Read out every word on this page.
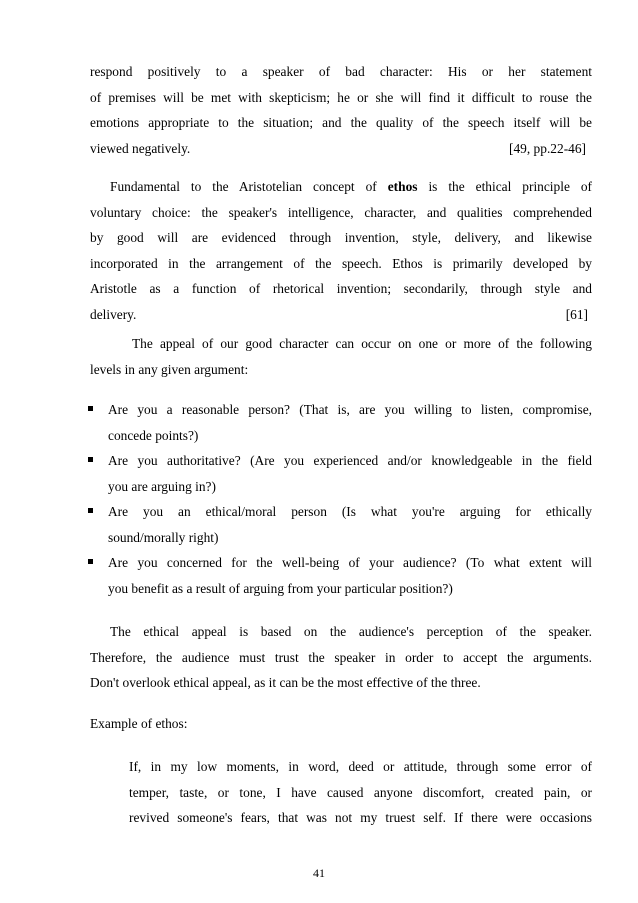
respond positively to a speaker of bad character: His or her statement
of premises will be met with skepticism; he or she will find it difficult to rouse the
emotions appropriate to the situation; and the quality of the speech itself will be
viewed negatively.	[49, pp.22-46]
Fundamental to the Aristotelian concept of ethos is the ethical principle of
voluntary choice: the speaker's intelligence, character, and qualities comprehended
by good will are evidenced through invention, style, delivery, and likewise
incorporated in the arrangement of the speech. Ethos is primarily developed by
Aristotle as a function of rhetorical invention; secondarily, through style and
delivery.	[61]
The appeal of our good character can occur on one or more of the following
levels in any given argument:
Are you a reasonable person? (That is, are you willing to listen, compromise,
concede points?)
Are you authoritative? (Are you experienced and/or knowledgeable in the field
you are arguing in?)
Are you an ethical/moral person (Is what you're arguing for ethically
sound/morally right)
Are you concerned for the well-being of your audience? (To what extent will
you benefit as a result of arguing from your particular position?)
The ethical appeal is based on the audience's perception of the speaker.
Therefore, the audience must trust the speaker in order to accept the arguments.
Don't overlook ethical appeal, as it can be the most effective of the three.
Example of ethos:
If, in my low moments, in word, deed or attitude, through some error of
temper, taste, or tone, I have caused anyone discomfort, created pain, or
revived someone's fears, that was not my truest self. If there were occasions
41
